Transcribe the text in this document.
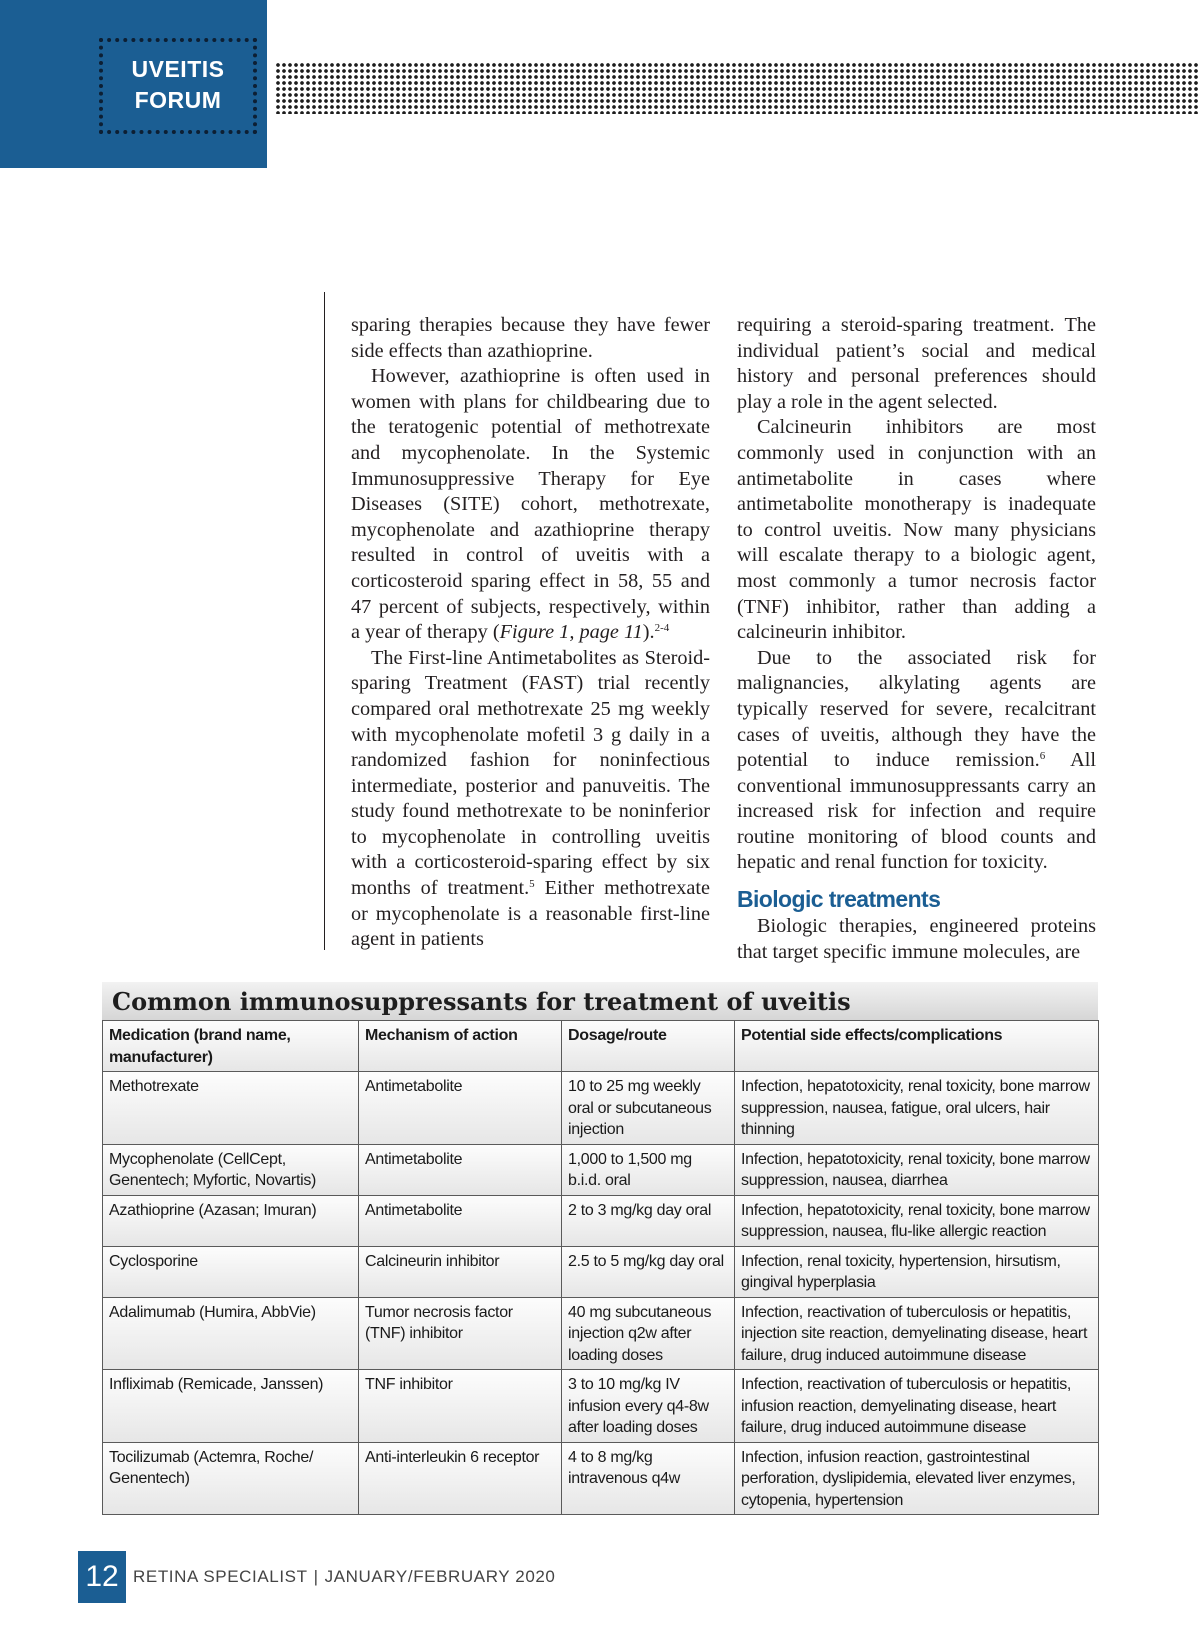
UVEITIS
FORUM

sparing therapies because they have fewer side effects than azathioprine.

However, azathioprine is often used in women with plans for childbearing due to the teratogenic potential of methotrexate and mycophenolate. In the Systemic Immunosuppressive Therapy for Eye Diseases (SITE) cohort, methotrexate, mycophenolate and azathioprine therapy resulted in control of uveitis with a corticosteroid sparing effect in 58, 55 and 47 percent of subjects, respectively, within a year of therapy (Figure 1, page 11).$^{2-4}$

The First-line Antimetabolites as Steroid-sparing Treatment (FAST) trial recently compared oral methotrexate 25 mg weekly with mycophenolate mofetil 3 g daily in a randomized fashion for noninfectious intermediate, posterior and panuveitis. The study found methotrexate to be noninferior to mycophenolate in controlling uveitis with a corticosteroid-sparing effect by six months of treatment.$^5$ Either methotrexate or mycophenolate is a reasonable first-line agent in patients

requiring a steroid-sparing treatment. The individual patient’s social and medical history and personal preferences should play a role in the agent selected.

Calcineurin inhibitors are most commonly used in conjunction with an antimetabolite in cases where antimetabolite monotherapy is inadequate to control uveitis. Now many physicians will escalate therapy to a biologic agent, most commonly a tumor necrosis factor (TNF) inhibitor, rather than adding a calcineurin inhibitor.

Due to the associated risk for malignancies, alkylating agents are typically reserved for severe, recalcitrant cases of uveitis, although they have the potential to induce remission.$^6$ All conventional immunosuppressants carry an increased risk for infection and require routine monitoring of blood counts and hepatic and renal function for toxicity.

Biologic treatments

Biologic therapies, engineered proteins that target specific immune molecules, are

Common immunosuppressants for treatment of uveitis
Medication (brand name, manufacturer)	Mechanism of action	Dosage/route	Potential side effects/complications
Methotrexate	Antimetabolite	10 to 25 mg weekly oral or subcutaneous injection	Infection, hepatotoxicity, renal toxicity, bone marrow suppression, nausea, fatigue, oral ulcers, hair thinning
Mycophenolate (CellCept, Genentech; Myfortic, Novartis)	Antimetabolite	1,000 to 1,500 mg b.i.d. oral	Infection, hepatotoxicity, renal toxicity, bone marrow suppression, nausea, diarrhea
Azathioprine (Azasan; Imuran)	Antimetabolite	2 to 3 mg/kg day oral	Infection, hepatotoxicity, renal toxicity, bone marrow suppression, nausea, flu-like allergic reaction
Cyclosporine	Calcineurin inhibitor	2.5 to 5 mg/kg day oral	Infection, renal toxicity, hypertension, hirsutism, gingival hyperplasia
Adalimumab (Humira, AbbVie)	Tumor necrosis factor (TNF) inhibitor	40 mg subcutaneous injection q2w after loading doses	Infection, reactivation of tuberculosis or hepatitis, injection site reaction, demyelinating disease, heart failure, drug induced autoimmune disease
Infliximab (Remicade, Janssen)	TNF inhibitor	3 to 10 mg/kg IV infusion every q4-8w after loading doses	Infection, reactivation of tuberculosis or hepatitis, infusion reaction, demyelinating disease, heart failure, drug induced autoimmune disease
Tocilizumab (Actemra, Roche/ Genentech)	Anti-interleukin 6 receptor	4 to 8 mg/kg intravenous q4w	Infection, infusion reaction, gastrointestinal perforation, dyslipidemia, elevated liver enzymes, cytopenia, hypertension
12 RETINA SPECIALIST | JANUARY/FEBRUARY 2020
